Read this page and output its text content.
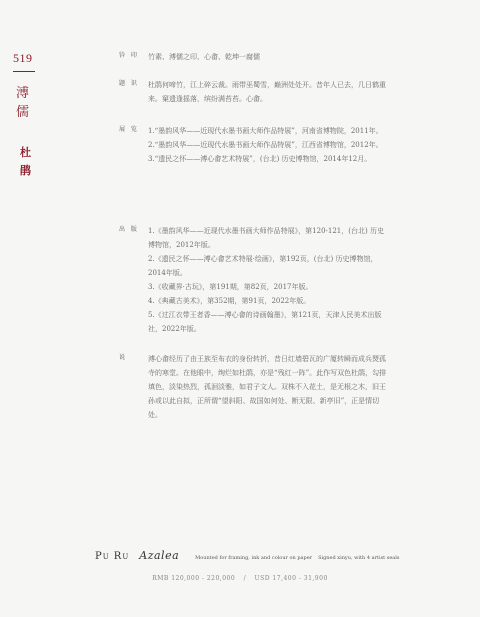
519
溥儒
杜鹃
钤 印 竹素、溥儒之印、心畬、乾坤一腐儒

题 识 杜鹃何啼竹，江上碎云裁。雨带巫蜀雪，巅洲处处开。昔年人已去，几日鹤重来。窠遗逢摇落，缤纷满苔苔。心畬。

展 览 1.“墨韵风华——近现代水墨书画大师作品特展”，河南省博物院，2011年。

2.“墨韵风华——近现代水墨书画大师作品特展”，江西省博物馆，2012年。

3.“遗民之怀——溥心畬艺术特展”，(台北) 历史博物馆，2014年12月。

出 版 1.《墨韵风华——近现代水墨书画大师作品特展》，第120-121，(台北) 历史博物馆，2012年版。

2.《遗民之怀——溥心畬艺术特展·绘画》，第192页，(台北) 历史博物馆，2014年版。

3.《收藏界·古玩》，第191期，第82页，2017年版。

4.《典藏古美术》，第352期，第91页，2022年版。

5.《过江衣带王者香——溥心畬的诗画翰墨》，第121页，天津人民美术出版社，2022年版。

说	溥心畬经历了由王族至布衣的身份转折，昔日红墙碧瓦的广厦转瞬而成兵燹孤寺的寒堂。在他眼中，绚烂如杜鹃，亦是“残红一阵”。此作写双色杜鹃，勾排填色，淡染热烈，孤洄淡雅，如君子文人。双株不入花土，是无根之木，旧王孙或以此自拟，正所谓“望斜阳、故国如何处、断无限、新亭旧”，正是情切处。

Pu Ru Azalea	Mounted for framing, ink and colour on paper Signed xinyu, with 4 artist seals
RMB 120,000 - 220,000 / USD 17,400 - 31,900
